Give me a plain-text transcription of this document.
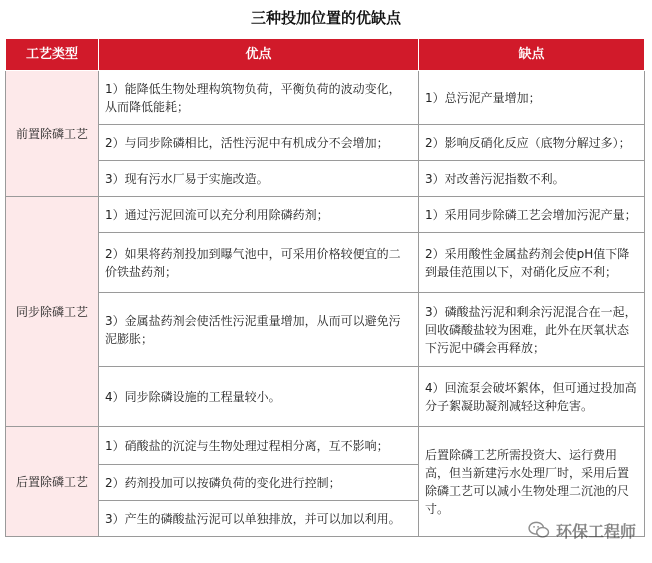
三种投加位置的优缺点
工艺类型	优点	缺点
前置除磷工艺	1）能降低生物处理构筑物负荷，平衡负荷的波动变化，从而降低能耗；	1）总污泥产量增加；
	2）与同步除磷相比，活性污泥中有机成分不会增加；	2）影响反硝化反应（底物分解过多）；
	3）现有污水厂易于实施改造。	3）对改善污泥指数不利。
同步除磷工艺	1）通过污泥回流可以充分利用除磷药剂；	1）采用同步除磷工艺会增加污泥产量；
	2）如果将药剂投加到曝气池中，可采用价格较便宜的二价铁盐药剂；	2）采用酸性金属盐药剂会使pH值下降到最佳范围以下，对硝化反应不利；
	3）金属盐药剂会使活性污泥重量增加，从而可以避免污泥膨胀；	3）磷酸盐污泥和剩余污泥混合在一起，回收磷酸盐较为困难，此外在厌氧状态下污泥中磷会再释放；
	4）同步除磷设施的工程量较小。	4）回流泵会破坏絮体，但可通过投加高分子絮凝助凝剂减轻这种危害。
后置除磷工艺	1）硝酸盐的沉淀与生物处理过程相分离，互不影响；	后置除磷工艺所需投资大、运行费用高，但当新建污水处理厂时，采用后置除磷工艺可以减小生物处理二沉池的尺寸。
	2）药剂投加可以按磷负荷的变化进行控制；	
	3）产生的磷酸盐污泥可以单独排放，并可以加以利用。	
环保工程师
